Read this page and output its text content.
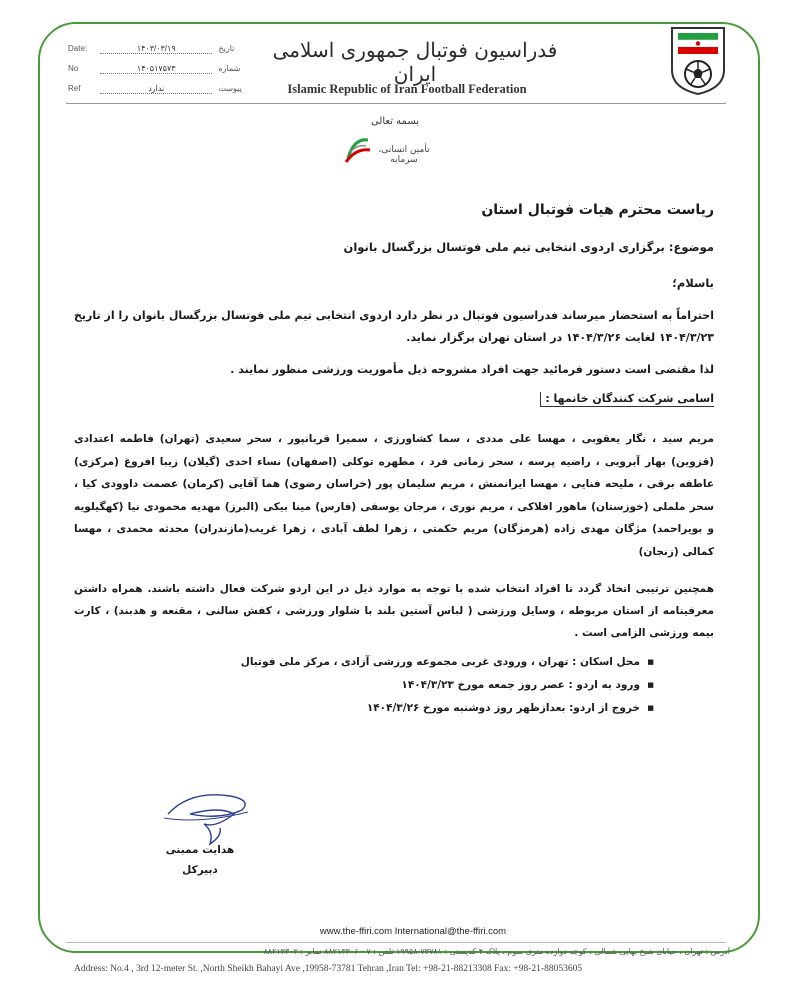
Date:	۱۴۰۳/۰۳/۱۹	تاریخ
No	۱۴۰۵۱۷۵۷۳	شماره
Ref	ندارد	پیوست
فدراسیون فوتبال جمهوری اسلامی ایران
Islamic Republic of Iran Football Federation
بسمه تعالی
تأمین انسانی، سرمایه
ریاست محترم هیات فوتبال استان
موضوع: برگزاری اردوی انتخابی تیم ملی فوتسال بزرگسال بانوان
باسلام؛
احتراماً به استحضار میرساند فدراسیون فوتبال در نظر دارد اردوی انتخابی تیم ملی فوتسال بزرگسال بانوان را از تاریخ ۱۴۰۴/۳/۲۳ لغایت ۱۴۰۴/۳/۲۶ در استان تهران برگزار نماید.
لذا مقتضی است دستور فرمائید جهت افراد مشروحه ذیل مأموریت ورزشی منظور نمایند .
اسامی شرکت کنندگان خانمها :
مریم سید ، نگار یعقوبی ، مهسا علی مددی ، سما کشاورزی ، سمیرا قربانپور ، سحر سعیدی (تهران) فاطمه اعتدادی (قزوین) بهار آبرویی ، راضیه پرسه ، سحر زمانی فرد ، مطهره توکلی (اصفهان) نساء احدی (گیلان) زیبا افروغ (مرکزی) عاطفه برقی ، ملیحه فنایی ، مهسا ایرانمنش ، مریم سلیمان پور (خراسان رضوی) هما آقایی (کرمان) عصمت داوودی کیا ، سحر ململی (خوزستان) ماهور افلاکی ، مریم نوری ، مرجان یوسفی (فارس) مینا بیکی (البرز) مهدیه محمودی نیا (کهگیلویه و بویراحمد) مژگان مهدی زاده (هرمزگان) مریم حکمتی ، زهرا لطف آبادی ، زهرا غریب(مازندران) محدثه محمدی ، مهسا کمالی (زنجان)
همچنین ترتیبی اتخاذ گردد تا افراد انتخاب شده با توجه به موارد ذیل در این اردو شرکت فعال داشته باشند. همراه داشتن معرفینامه از استان مربوطه ، وسایل ورزشی ( لباس آستین بلند با شلوار ورزشی ، کفش سالنی ، مقنعه و هدبند) ، کارت بیمه ورزشی الزامی است .
■ محل اسکان : تهران ، ورودی غربی مجموعه ورزشی آزادی ، مرکز ملی فوتبال
■ ورود به اردو : عصر روز جمعه مورخ ۱۴۰۴/۳/۲۳
■ خروج از اردو: بعدازظهر روز دوشنبه مورخ ۱۴۰۴/۳/۲۶
هدایت ممبنی
دبیرکل
www.the-ffiri.com International@the-ffiri.com
آدرس : تهران ، خیابان شیخ بهایی شمالی ، کوچه دوازده متری سوم ، پلاک ۴ کدپستی : ۷۳۷۸۱-۱۹۹۵۸ تلفن : ۷ - ۸۸۲۱۳۳۰۶ نمابر : ۸۸۲۱۳۳۰۲
Address: No.4 , 3rd 12-meter St. ,North Sheikh Bahayi Ave ,19958-73781 Tehran ,Iran Tel: +98-21-88213308 Fax: +98-21-88053605
